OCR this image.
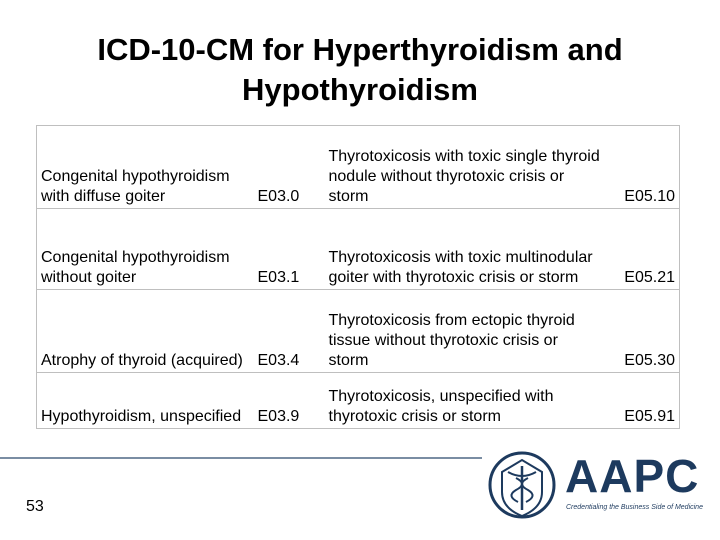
ICD-10-CM for Hyperthyroidism and
Hypothyroidism
Congenital hypothyroidism with diffuse goiter	E03.0	Thyrotoxicosis with toxic single thyroid nodule without thyrotoxic crisis or storm	E05.10
Congenital hypothyroidism without goiter	E03.1	Thyrotoxicosis with toxic multinodular goiter with thyrotoxic crisis or storm	E05.21
Atrophy of thyroid (acquired)	E03.4	Thyrotoxicosis from ectopic thyroid tissue without thyrotoxic crisis or storm	E05.30
Hypothyroidism, unspecified	E03.9	Thyrotoxicosis, unspecified with thyrotoxic crisis or storm	E05.91
53
AAPC
Credentialing the Business Side of Medicine
